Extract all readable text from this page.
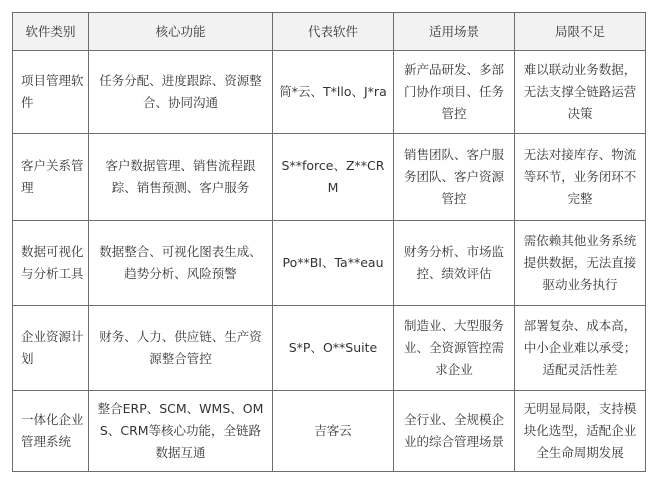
软件类别	核心功能	代表软件	适用场景	局限不足
项目管理软件	任务分配、进度跟踪、资源整合、协同沟通	简*云、T*llo、J*ra	新产品研发、多部门协作项目、任务管控	难以联动业务数据，无法支撑全链路运营决策
客户关系管理	客户数据管理、销售流程跟踪、销售预测、客户服务	S**force、Z**CRM	销售团队、客户服务团队、客户资源管控	无法对接库存、物流等环节，业务闭环不完整
数据可视化与分析工具	数据整合、可视化图表生成、趋势分析、风险预警	Po**BI、Ta**eau	财务分析、市场监控、绩效评估	需依赖其他业务系统提供数据，无法直接驱动业务执行
企业资源计划	财务、人力、供应链、生产资源整合管控	S*P、O**Suite	制造业、大型服务业、全资源管控需求企业	部署复杂、成本高，中小企业难以承受；适配灵活性差
一体化企业管理系统	整合ERP、SCM、WMS、OMS、CRM等核心功能，全链路数据互通	吉客云	全行业、全规模企业的综合管理场景	无明显局限，支持模块化选型，适配企业全生命周期发展
